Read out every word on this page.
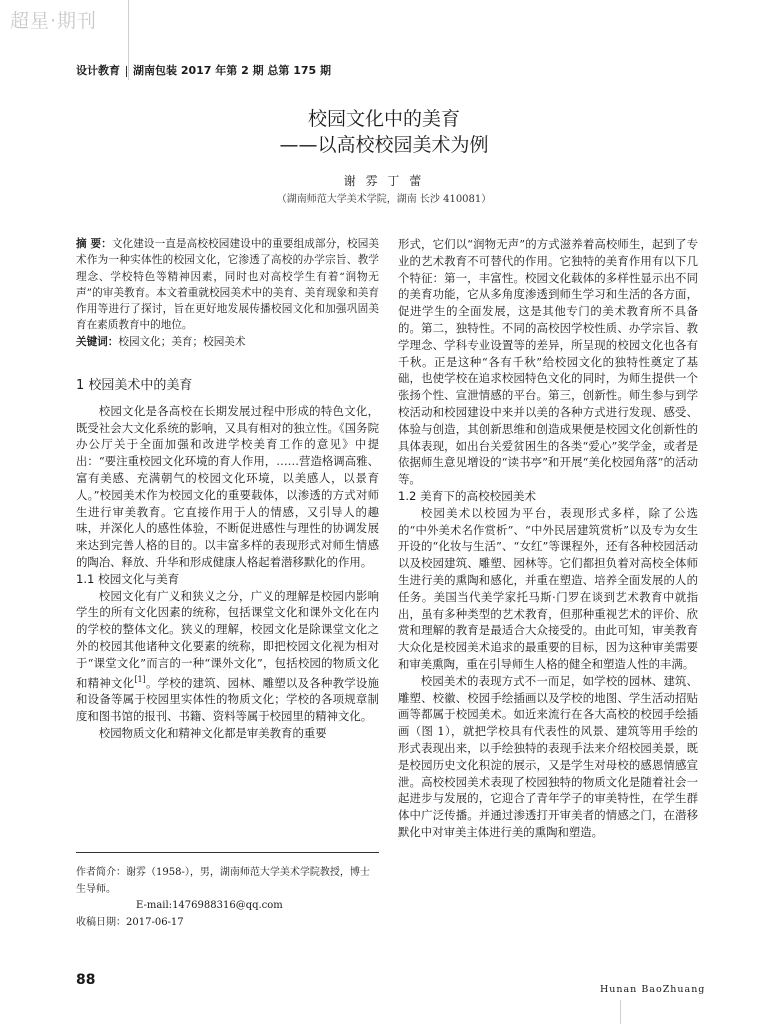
超星·期刊
设计教育 湖南包装 2017 年第 2 期 总第 175 期
校园文化中的美育
——以高校校园美术为例
谢 雰 丁 蕾
（湖南师范大学美术学院，湖南 长沙 410081）

摘 要：文化建设一直是高校校园建设中的重要组成部分，校园美术作为一种实体性的校园文化，它渗透了高校的办学宗旨、教学理念、学校特色等精神因素，同时也对高校学生有着“润物无声”的审美教育。本文着重就校园美术中的美育、美育现象和美育作用等进行了探讨，旨在更好地发展传播校园文化和加强巩固美育在素质教育中的地位。

关键词：校园文化；美育；校园美术

1 校园美术中的美育

校园文化是各高校在长期发展过程中形成的特色文化，既受社会大文化系统的影响，又具有相对的独立性。《国务院办公厅关于全面加强和改进学校美育工作的意见》中提出：“要注重校园文化环境的育人作用，……营造格调高雅、富有美感、充满朝气的校园文化环境，以美感人，以景育人。”校园美术作为校园文化的重要载体，以渗透的方式对师生进行审美教育。它直接作用于人的情感，又引导人的趣味，并深化人的感性体验，不断促进感性与理性的协调发展来达到完善人格的目的。以丰富多样的表现形式对师生情感的陶冶、释放、升华和形成健康人格起着潜移默化的作用。

1.1 校园文化与美育

校园文化有广义和狭义之分，广义的理解是校园内影响学生的所有文化因素的统称，包括课堂文化和课外文化在内的学校的整体文化。狭义的理解，校园文化是除课堂文化之外的校园其他诸种文化要素的统称，即把校园文化视为相对于“课堂文化”而言的一种“课外文化”，包括校园的物质文化和精神文化[1]。学校的建筑、园林、雕塑以及各种教学设施和设备等属于校园里实体性的物质文化；学校的各项规章制度和图书馆的报刊、书籍、资料等属于校园里的精神文化。

校园物质文化和精神文化都是审美教育的重要

作者简介：谢雰（1958-），男，湖南师范大学美术学院教授，博士生导师。
E-mail:1476988316@qq.com
收稿日期：2017-06-17

形式，它们以“润物无声”的方式滋养着高校师生，起到了专业的艺术教育不可替代的作用。它独特的美育作用有以下几个特征：第一，丰富性。校园文化载体的多样性显示出不同的美育功能，它从多角度渗透到师生学习和生活的各方面，促进学生的全面发展，这是其他专门的美术教育所不具备的。第二，独特性。不同的高校因学校性质、办学宗旨、教学理念、学科专业设置等的差异，所呈现的校园文化也各有千秋。正是这种“各有千秋”给校园文化的独特性奠定了基础，也使学校在追求校园特色文化的同时，为师生提供一个张扬个性、宣泄情感的平台。第三，创新性。师生参与到学校活动和校园建设中来并以美的各种方式进行发现、感受、体验与创造，其创新思维和创造成果便是校园文化创新性的具体表现，如出台关爱贫困生的各类“爱心”奖学金，或者是依据师生意见增设的“读书亭”和开展“美化校园角落”的活动等。

1.2 美育下的高校校园美术

校园美术以校园为平台，表现形式多样，除了公选的“中外美术名作赏析”、“中外民居建筑赏析”以及专为女生开设的“化妆与生活”、“女红”等课程外，还有各种校园活动以及校园建筑、雕塑、园林等。它们都担负着对高校全体师生进行美的熏陶和感化，并重在塑造、培养全面发展的人的任务。美国当代美学家托马斯·门罗在谈到艺术教育中就指出，虽有多种类型的艺术教育，但那种重视艺术的评价、欣赏和理解的教育是最适合大众接受的。由此可知，审美教育大众化是校园美术追求的最重要的目标，因为这种审美需要和审美熏陶，重在引导师生人格的健全和塑造人性的丰满。

校园美术的表现方式不一而足，如学校的园林、建筑、雕塑、校徽、校园手绘插画以及学校的地图、学生活动招贴画等都属于校园美术。如近来流行在各大高校的校园手绘插画（图 1），就把学校具有代表性的风景、建筑等用手绘的形式表现出来，以手绘独特的表现手法来介绍校园美景，既是校园历史文化积淀的展示，又是学生对母校的感恩情感宣泄。高校校园美术表现了校园独特的物质文化是随着社会一起进步与发展的，它迎合了青年学子的审美特性，在学生群体中广泛传播。并通过渗透打开审美者的情感之门，在潜移默化中对审美主体进行美的熏陶和塑造。

88
Hunan BaoZhuang
